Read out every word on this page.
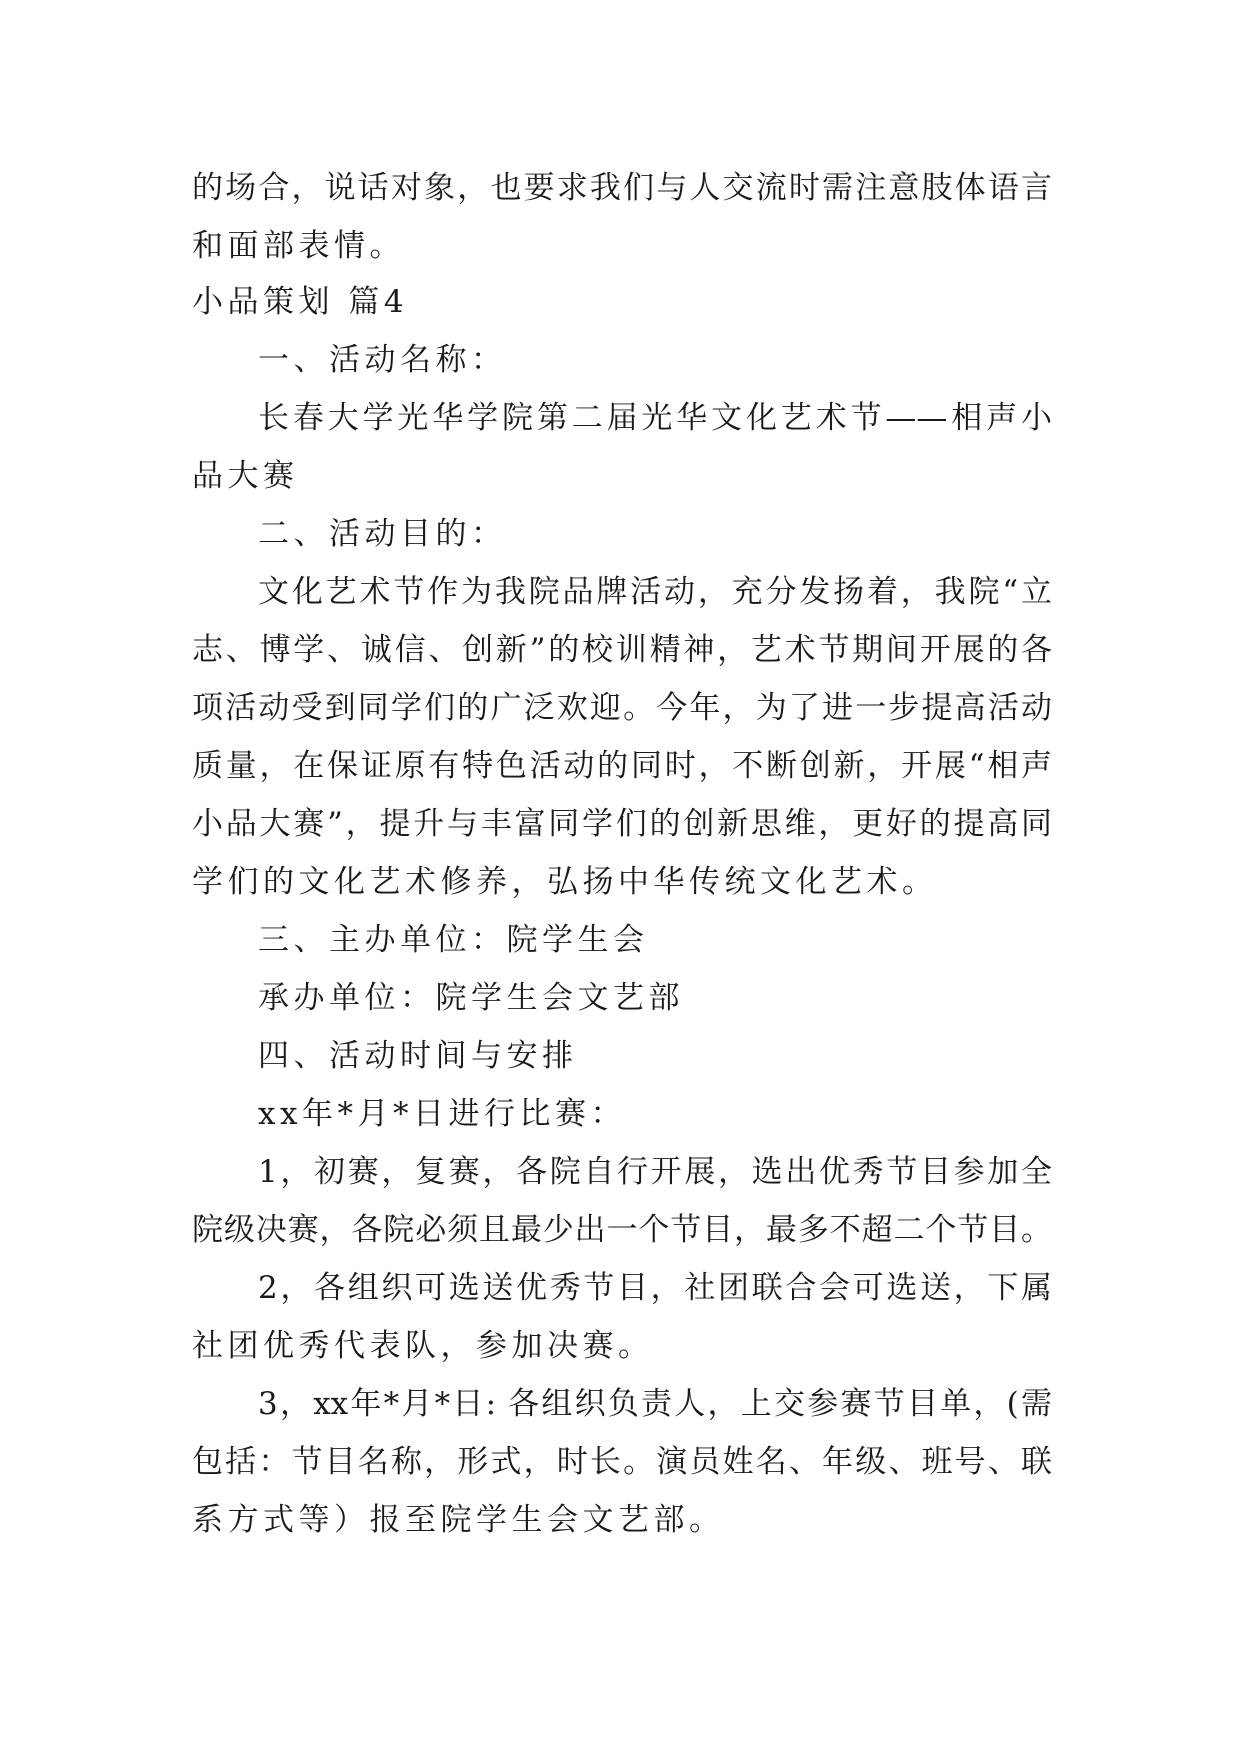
的场合，说话对象，也要求我们与人交流时需注意肢体语言
和面部表情。
小品策划 篇4
一、活动名称：
长春大学光华学院第二届光华文化艺术节——相声小
品大赛
二、活动目的：
文化艺术节作为我院品牌活动，充分发扬着，我院“立
志、博学、诚信、创新”的校训精神，艺术节期间开展的各
项活动受到同学们的广泛欢迎。今年，为了进一步提高活动
质量，在保证原有特色活动的同时，不断创新，开展“相声
小品大赛”，提升与丰富同学们的创新思维，更好的提高同
学们的文化艺术修养，弘扬中华传统文化艺术。
三、主办单位：院学生会
承办单位：院学生会文艺部
四、活动时间与安排
xx年*月*日进行比赛：
1，初赛，复赛，各院自行开展，选出优秀节目参加全
院级决赛，各院必须且最少出一个节目，最多不超二个节目。
2，各组织可选送优秀节目，社团联合会可选送，下属
社团优秀代表队，参加决赛。
3，xx年*月*日: 各组织负责人，上交参赛节目单，(需
包括：节目名称，形式，时长。演员姓名、年级、班号、联
系方式等）报至院学生会文艺部。
